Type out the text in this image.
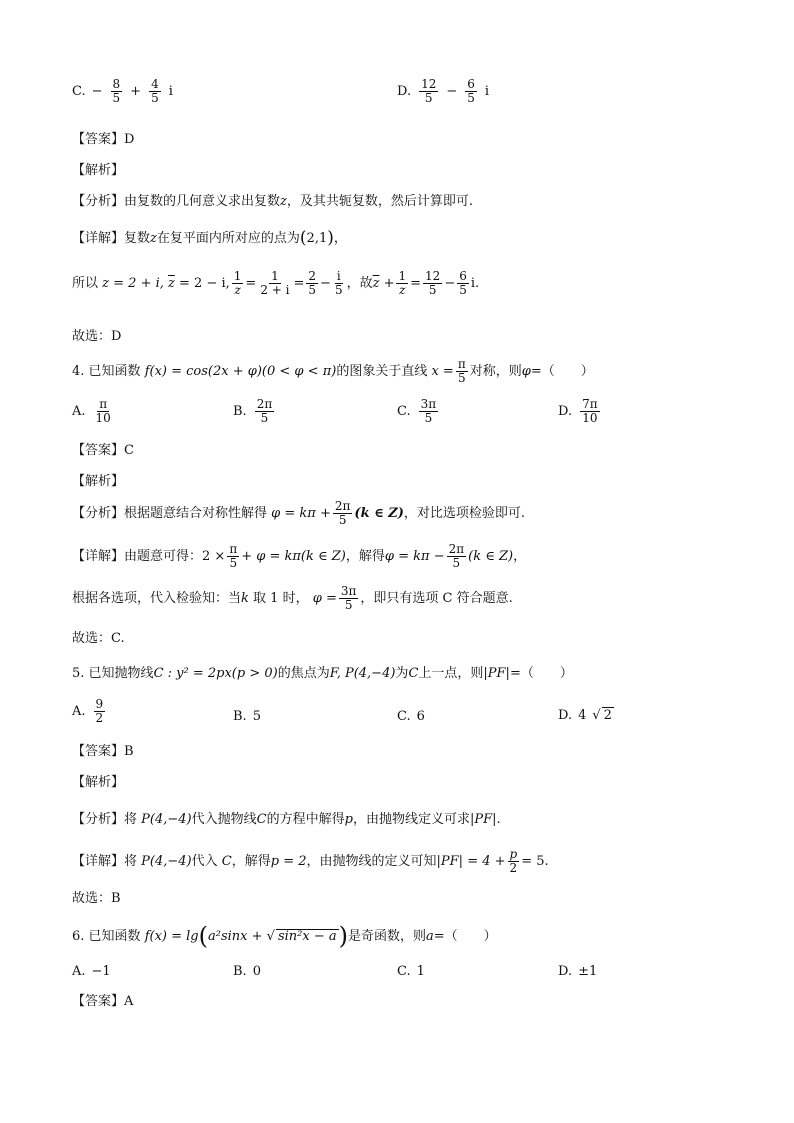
C. − $\frac{8}{5} + \frac{4}{5}$ i	D. $\frac{12}{5} - \frac{6}{5}$ i
【答案】D
【解析】
【分析】由复数的几何意义求出复数z，及其共轭复数，然后计算即可.
【详解】复数z在复平面内所对应的点为(2,1)，
所以
z = 2 + i,
$\overline{z}$
= 2 − i, $\frac{1}{z} = \frac{1}{2 + i} = \frac{2}{5} - \frac{i}{5}$ ，故 $\overline{z} + \frac{1}{z} = \frac{12}{5} - \frac{6}{5}$ i .
故选：D
4.
已知函数
f(x) = cos(2x + φ)(0 < φ < π) 的图象关于直线
$x = \frac{\pi}{5}$ 对称，则 φ =（　　）
A. $\frac{\pi}{10}$	B. $\frac{2\pi}{5}$	C. $\frac{3\pi}{5}$	D. $\frac{7\pi}{10}$
【答案】C
【解析】
【分析】 根据题意结合对称性解得
$\varphi = k\pi + \frac{2\pi}{5} (k$ ∈ Z) ，对比选项检验即可.
【详解】 由题意可得： $2 \times \frac{\pi}{5} + \varphi = k\pi(k$ ∈ Z) ，解得 $\varphi = k\pi - \frac{2\pi}{5} (k$ ∈ Z) ，
根据各选项，代入检验知：当 k
取 1 时，
$\varphi = \frac{3\pi}{5}$ ，即只有选项 C 符合题意.
故选：C.
5. 已知抛物线C : y² = 2px(p > 0)的焦点为F, P(4,−4)为C上一点，则|PF|=（　　）
A. $\frac{9}{2}$	B. 5	C. 6	D. 4 √ 2
【答案】B
【解析】
【分析】将 P(4,−4)代入抛物线C的方程中解得p，由抛物线定义可求|PF|.
【详解】 将
P(4,−4) 代入
C ，解得 p = 2 ，由抛物线的定义可知 $|PF| = 4 + \frac{p}{2} = 5$.
故选：B
6.
已知函数
f(x) = lg ( a²sinx + √ sin²x − a ) 是奇函数，则 a =（　　）
A. −1	B. 0	C. 1	D. ±1
【答案】A
